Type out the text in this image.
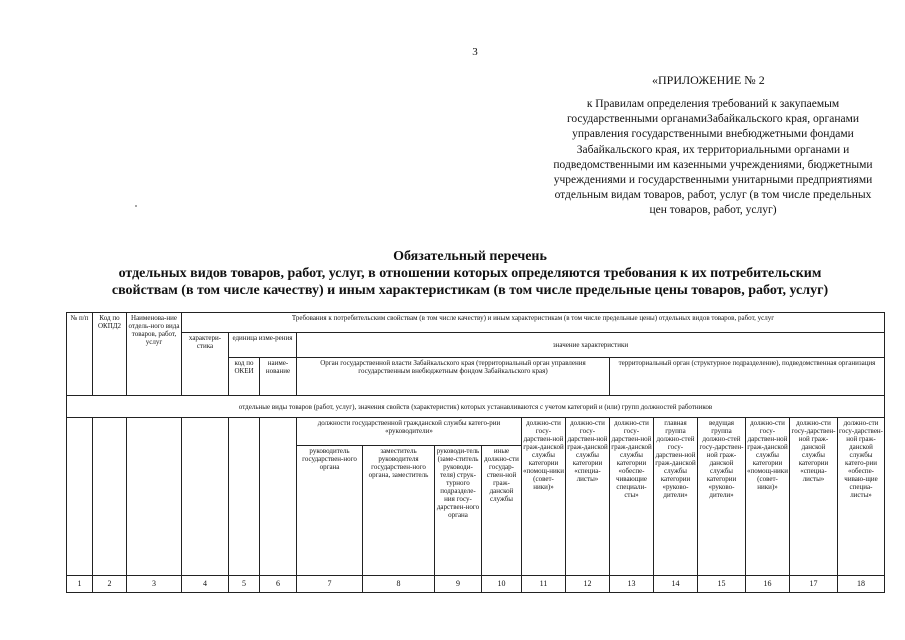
3
«ПРИЛОЖЕНИЕ № 2
к Правилам определения требований к закупаемым государственными органамиЗабайкальского края, органами управления государственными внебюджетными фондами Забайкальского края, их территориальными органами и подведомственными им казенными учреждениями, бюджетными учреждениями и государственными унитарными предприятиями отдельным видам товаров, работ, услуг (в том числе предельных цен товаров, работ, услуг)
Обязательный перечень
отдельных видов товаров, работ, услуг, в отношении которых определяются требования к их потребительским
свойствам (в том числе качеству) и иным характеристикам (в том числе предельные цены товаров, работ, услуг)
№ п/п	Код по ОКПД2	Наименова-ние отдель-ного вида товаров, работ, услуг	Требования к потребительским свойствам (в том числе качеству) и иным характеристикам (в том числе предельные цены) отдельных видов товаров, работ, услуг														
			характери-стика	единица изме-рения		значение характеристики											
				код по ОКЕИ	наиме-нование	Орган государственной власти Забайкальского края (территориальный орган управления государственным внебюджетным фондом Забайкальского края)						территориальный орган (структурное подразделение), подведомственная организация					
отдельные виды товаров (работ, услуг), значения свойств (характеристик) которых устанавливаются с учетом категорий и (или) групп должностей работников																	
						должности государственной гражданской службы катего-рии «руководители»				должно-сти госу-дарствен-ной граж-данской службы категории «помощ-ники (совет-ники)»	должно-сти госу-дарствен-ной граж-данской службы категории «специа-листы»	должно-сти госу-дарствен-ной граж-данской службы категории «обеспе-чивающие специали-сты»	главная группа должно-стей госу-дарствен-ной граж-данской службы категории «руково-дители»	ведущая группа должно-стей госу-дарствен-ной граж-данской службы категории «руково-дители»	должно-сти госу-дарствен-ной граж-данской службы категории «помощ-ники (совет-ники)»	должно-сти госу-дарствен-ной граж-данской службы категории «специа-листы»	должно-сти госу-дарствен-ной граж-данской службы катего-рии «обеспе-чиваю-щие специа-листы»
						руководитель государствен-ного органа	заместитель руководителя государствен-ного органа, заместитель	руководи-тель (заме-ститель руководи-теля) струк-турного подразделе-ния госу-дарствен-ного органа	иные должно-сти государ-ствен-ной граж-данской службы								
1	2	3	4	5	6	7	8	9	10	11	12	13	14	15	16	17	18
